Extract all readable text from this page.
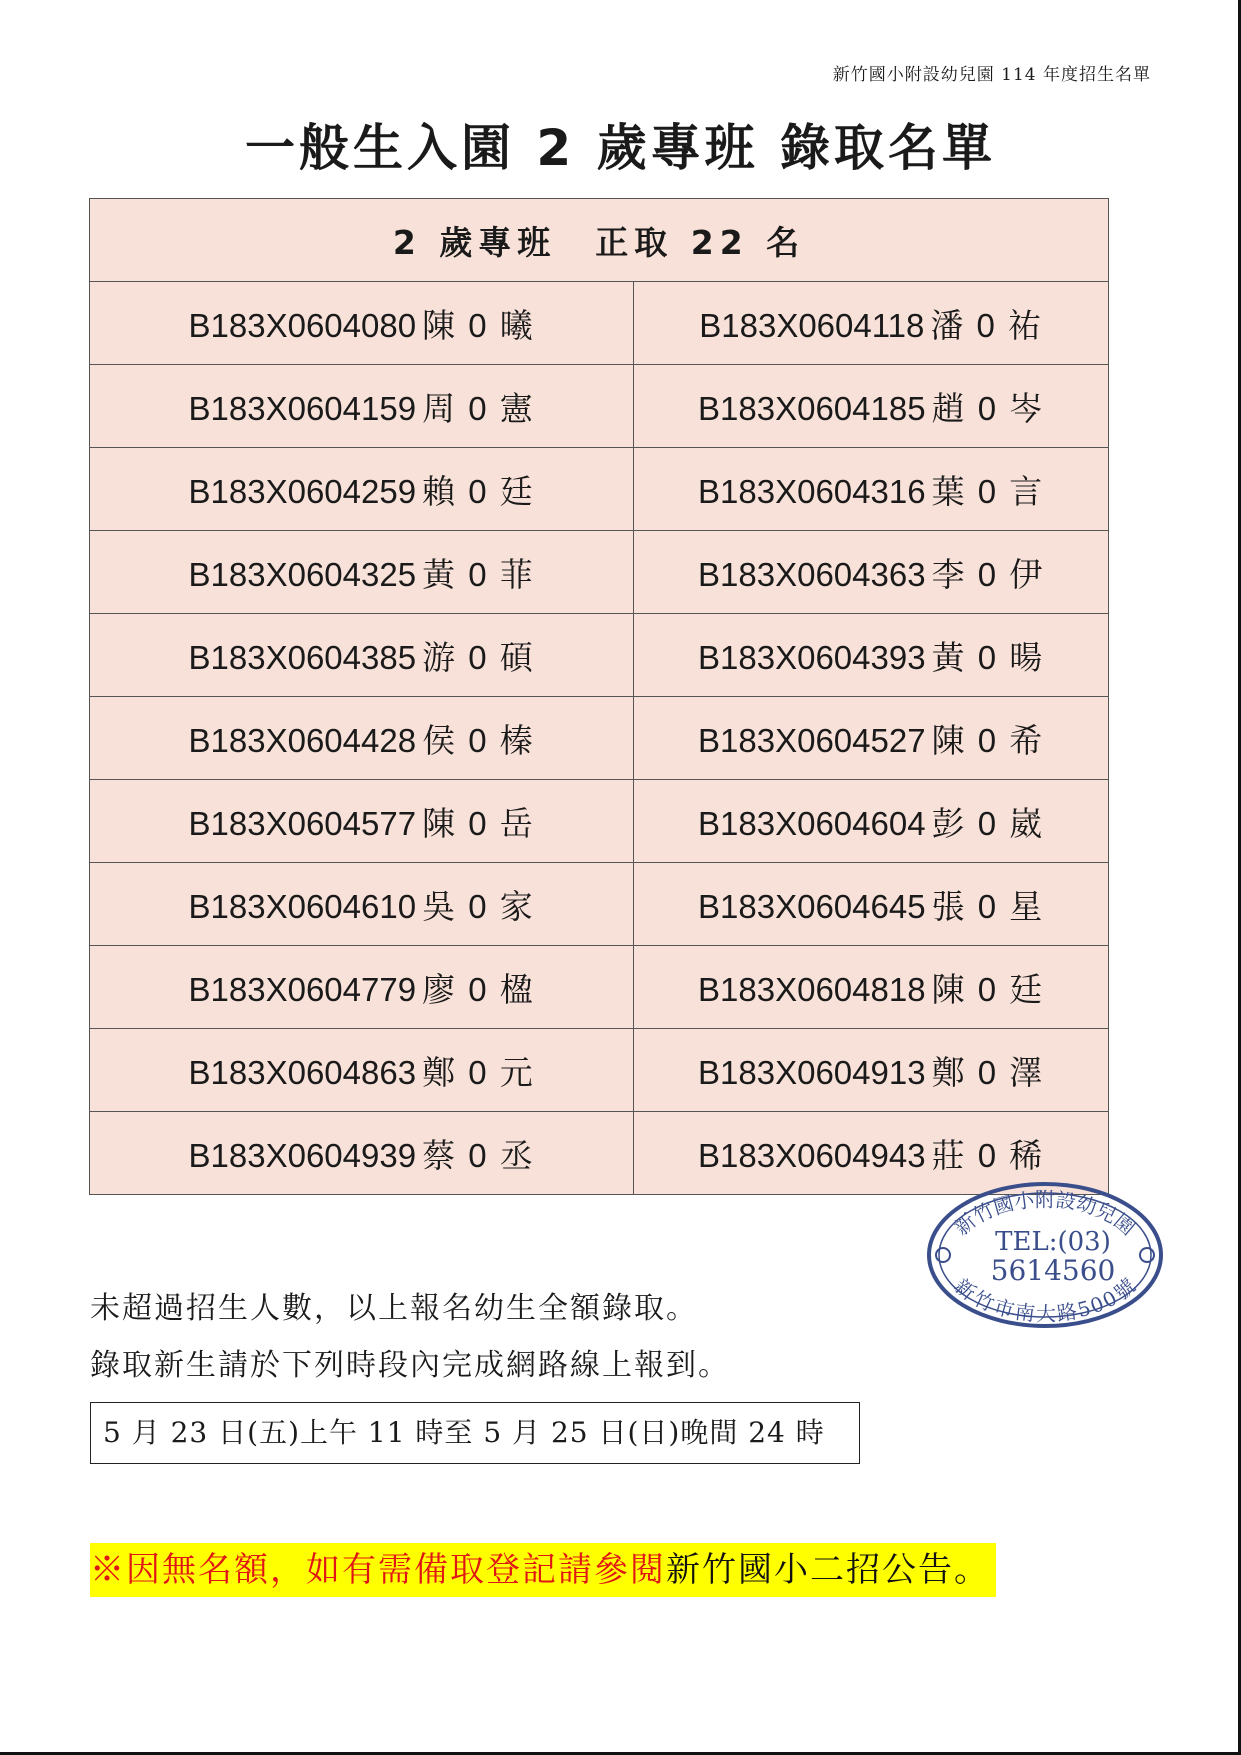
新竹國小附設幼兒園 114 年度招生名單
一般生入園 2 歲專班 錄取名單
2 歲專班　正取 22 名	
B183X0604080 陳 0 曦	B183X0604118 潘 0 祐
B183X0604159 周 0 憲	B183X0604185 趙 0 岑
B183X0604259 賴 0 廷	B183X0604316 葉 0 言
B183X0604325 黃 0 菲	B183X0604363 李 0 伊
B183X0604385 游 0 碩	B183X0604393 黃 0 暘
B183X0604428 侯 0 榛	B183X0604527 陳 0 希
B183X0604577 陳 0 岳	B183X0604604 彭 0 崴
B183X0604610 吳 0 家	B183X0604645 張 0 星
B183X0604779 廖 0 楹	B183X0604818 陳 0 廷
B183X0604863 鄭 0 元	B183X0604913 鄭 0 澤
B183X0604939 蔡 0 丞	B183X0604943 莊 0 稀
新竹國小附設幼兒園
TEL:(03)
5614560
新竹市南大路500號
未超過招生人數，以上報名幼生全額錄取。
錄取新生請於下列時段內完成網路線上報到。
5 月 23 日(五)上午 11 時至 5 月 25 日(日)晚間 24 時
※因無名額，如有需備取登記請參閱新竹國小二招公告。
